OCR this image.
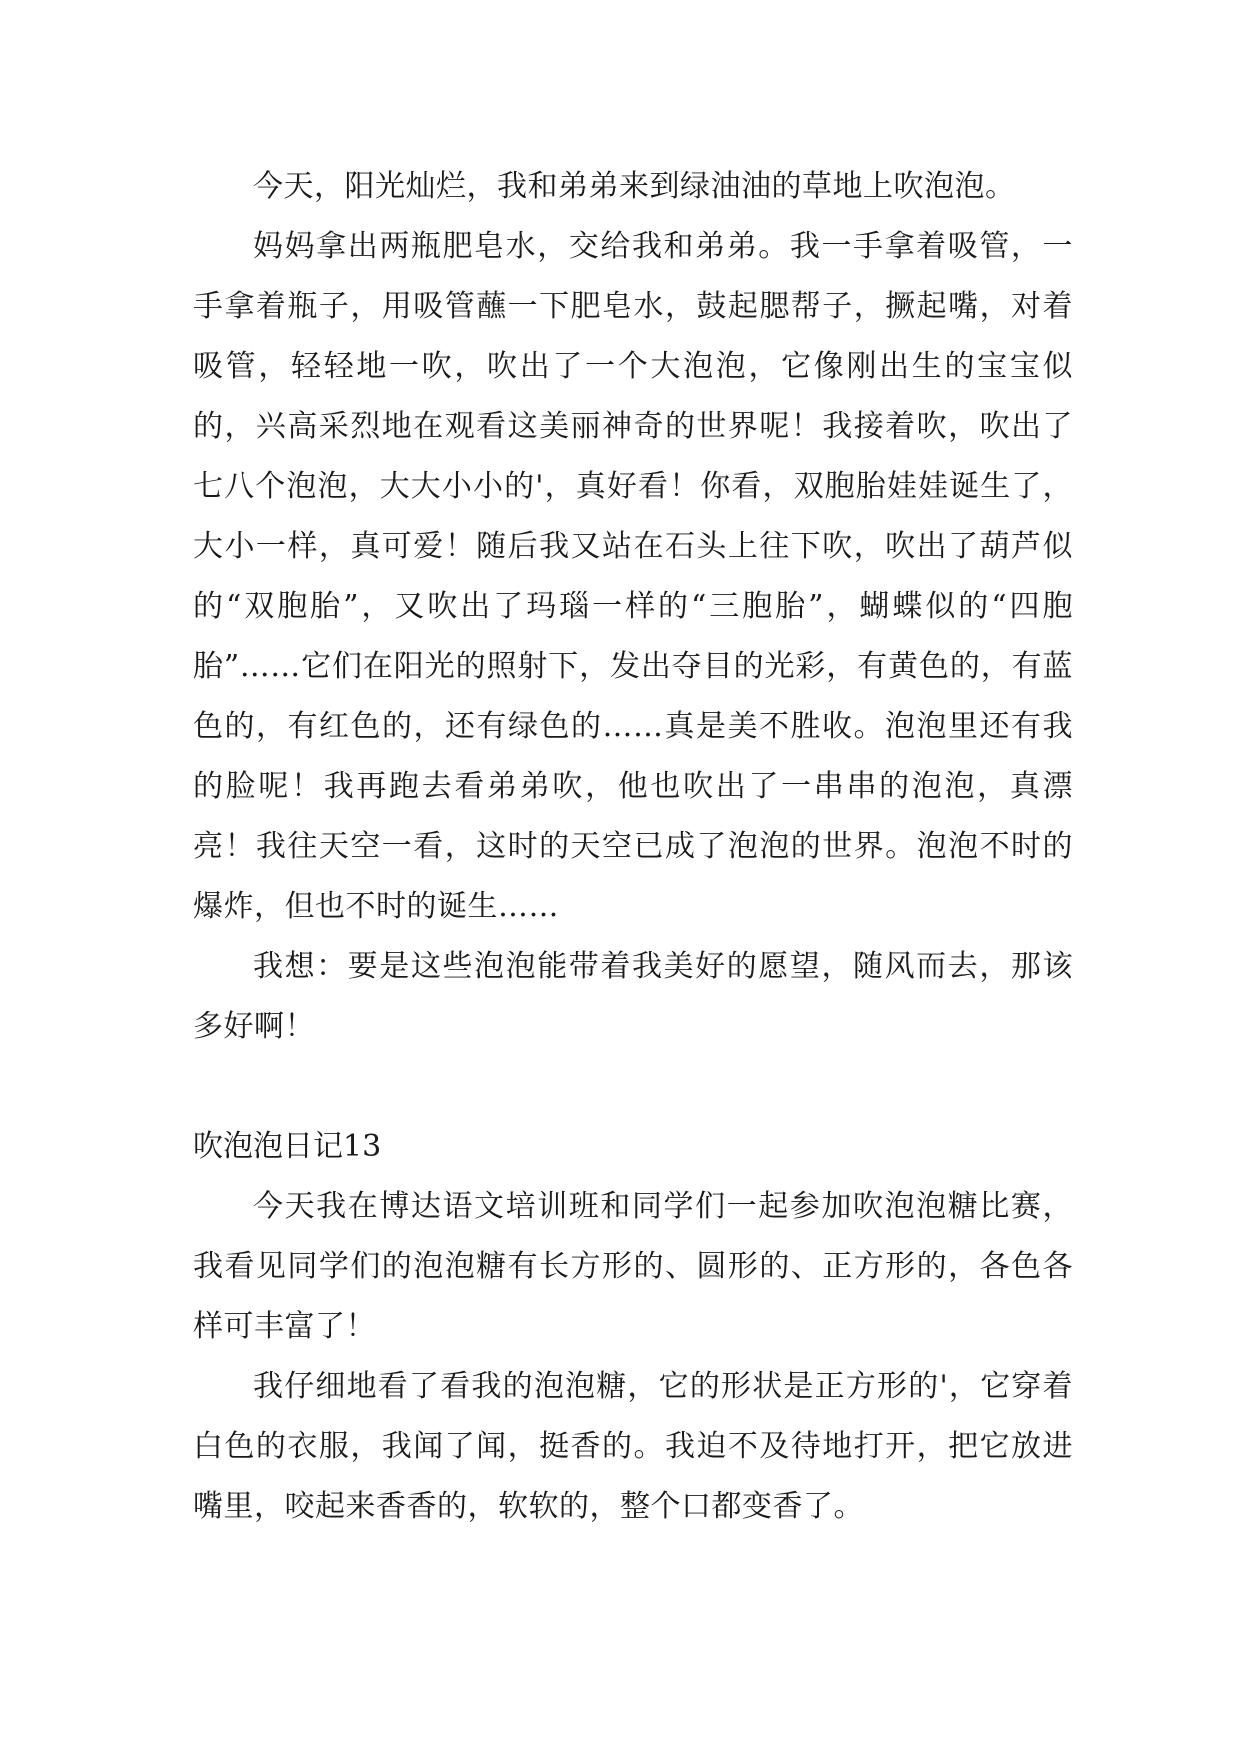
今天，阳光灿烂，我和弟弟来到绿油油的草地上吹泡泡。

妈妈拿出两瓶肥皂水，交给我和弟弟。我一手拿着吸管，一手拿着瓶子，用吸管蘸一下肥皂水，鼓起腮帮子，撅起嘴，对着吸管，轻轻地一吹，吹出了一个大泡泡，它像刚出生的宝宝似的，兴高采烈地在观看这美丽神奇的世界呢！我接着吹，吹出了七八个泡泡，大大小小的'，真好看！你看，双胞胎娃娃诞生了，大小一样，真可爱！随后我又站在石头上往下吹，吹出了葫芦似的“双胞胎”，又吹出了玛瑙一样的“三胞胎”，蝴蝶似的“四胞胎”……它们在阳光的照射下，发出夺目的光彩，有黄色的，有蓝色的，有红色的，还有绿色的……真是美不胜收。泡泡里还有我的脸呢！我再跑去看弟弟吹，他也吹出了一串串的泡泡，真漂亮！我往天空一看，这时的天空已成了泡泡的世界。泡泡不时的爆炸，但也不时的诞生……

我想：要是这些泡泡能带着我美好的愿望，随风而去，那该多好啊！

吹泡泡日记13

今天我在博达语文培训班和同学们一起参加吹泡泡糖比赛，我看见同学们的泡泡糖有长方形的、圆形的、正方形的，各色各样可丰富了！

我仔细地看了看我的泡泡糖，它的形状是正方形的'，它穿着白色的衣服，我闻了闻，挺香的。我迫不及待地打开，把它放进嘴里，咬起来香香的，软软的，整个口都变香了。
